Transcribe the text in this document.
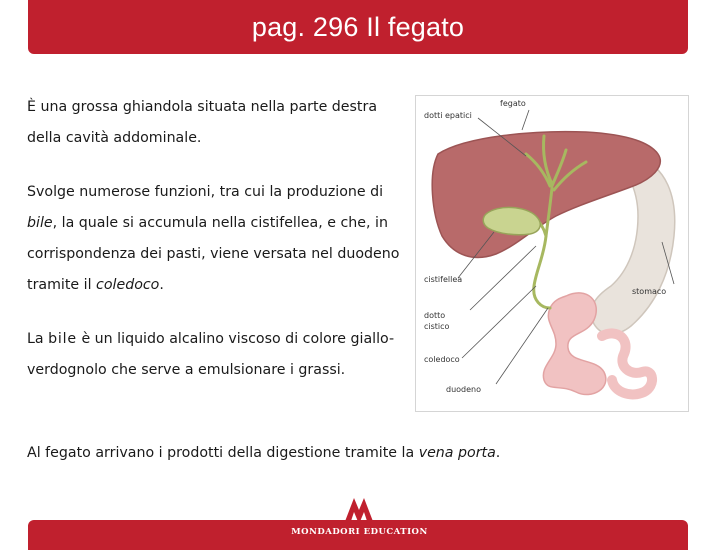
pag. 296 Il fegato

È una grossa ghiandola situata nella parte destra della cavità addominale.

Svolge numerose funzioni, tra cui la produzione di bile, la quale si accumula nella cistifellea, e che, in corrispondenza dei pasti, viene versata nel duodeno tramite il coledoco.

La bile è un liquido alcalino viscoso di colore giallo-verdognolo che serve a emulsionare i grassi.

Al fegato arrivano i prodotti della digestione tramite la vena porta.

fegato
dotti epatici
cistifellea
stomaco
dotto
cistico
coledoco
duodeno
MONDADORI EDUCATION
